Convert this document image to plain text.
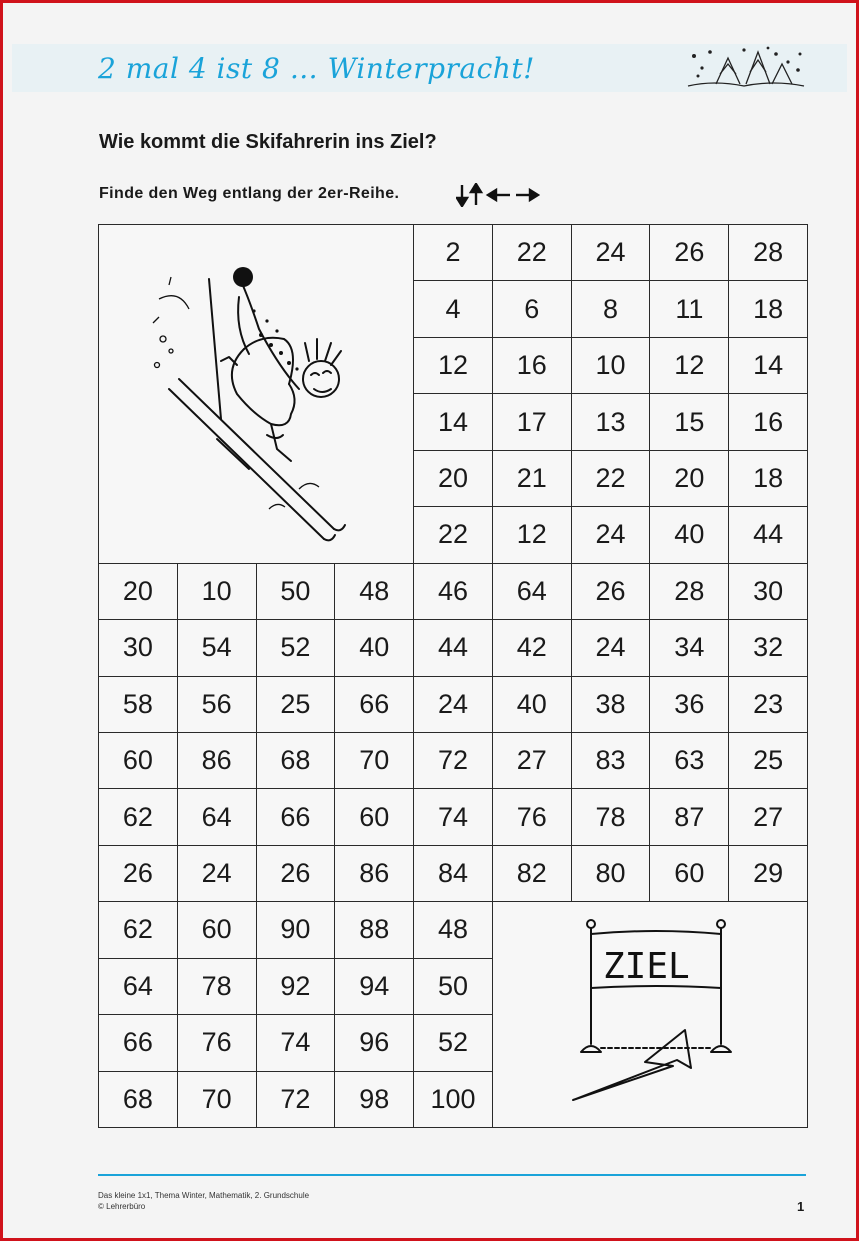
2 mal 4 ist 8 … Winterpracht!
Wie kommt die Skifahrerin ins Ziel?
Finde den Weg entlang der 2er-Reihe.
ZIEL
2	22	24	26	28
4	6	8	11	18
12	16	10	12	14
14	17	13	15	16
20	21	22	20	18
22	12	24	40	44
20	10	50	48	46	64	26	28	30
30	54	52	40	44	42	24	34	32
58	56	25	66	24	40	38	36	23
60	86	68	70	72	27	83	63	25
62	64	66	60	74	76	78	87	27
26	24	26	86	84	82	80	60	29
62	60	90	88	48
64	78	92	94	50
66	76	74	96	52
68	70	72	98	100
Das kleine 1x1, Thema Winter, Mathematik, 2. Grundschule
© Lehrerbüro	1
